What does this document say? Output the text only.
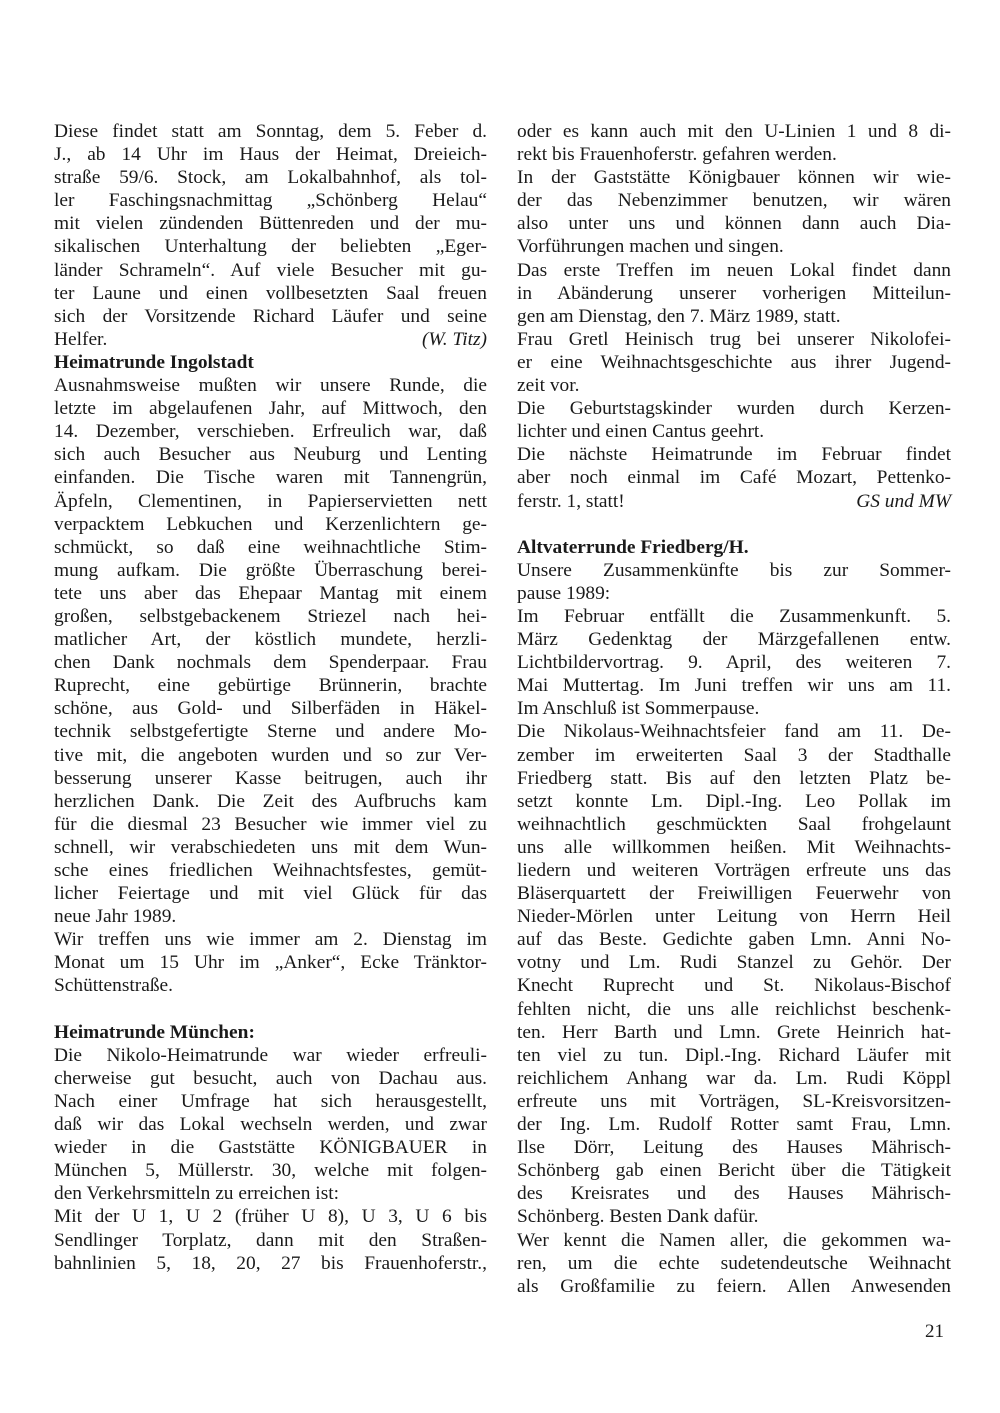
Diese findet statt am Sonntag, dem 5. Feber d.
J., ab 14 Uhr im Haus der Heimat, Dreieich-
straße 59/6. Stock, am Lokalbahnhof, als tol-
ler Faschingsnachmittag „Schönberg Helau“
mit vielen zündenden Büttenreden und der mu-
sikalischen Unterhaltung der beliebten „Eger-
länder Schrameln“. Auf viele Besucher mit gu-
ter Laune und einen vollbesetzten Saal freuen
sich der Vorsitzende Richard Läufer und seine
Helfer.	(W. Titz)
Heimatrunde Ingolstadt
Ausnahmsweise mußten wir unsere Runde, die
letzte im abgelaufenen Jahr, auf Mittwoch, den
14. Dezember, verschieben. Erfreulich war, daß
sich auch Besucher aus Neuburg und Lenting
einfanden. Die Tische waren mit Tannengrün,
Äpfeln, Clementinen, in Papierservietten nett
verpacktem Lebkuchen und Kerzenlichtern ge-
schmückt, so daß eine weihnachtliche Stim-
mung aufkam. Die größte Überraschung berei-
tete uns aber das Ehepaar Mantag mit einem
großen, selbstgebackenem Striezel nach hei-
matlicher Art, der köstlich mundete, herzli-
chen Dank nochmals dem Spenderpaar. Frau
Ruprecht, eine gebürtige Brünnerin, brachte
schöne, aus Gold- und Silberfäden in Häkel-
technik selbstgefertigte Sterne und andere Mo-
tive mit, die angeboten wurden und so zur Ver-
besserung unserer Kasse beitrugen, auch ihr
herzlichen Dank. Die Zeit des Aufbruchs kam
für die diesmal 23 Besucher wie immer viel zu
schnell, wir verabschiedeten uns mit dem Wun-
sche eines friedlichen Weihnachtsfestes, gemüt-
licher Feiertage und mit viel Glück für das
neue Jahr 1989.
Wir treffen uns wie immer am 2. Dienstag im
Monat um 15 Uhr im „Anker“, Ecke Tränktor-
Schüttenstraße.
Heimatrunde München:
Die Nikolo-Heimatrunde war wieder erfreuli-
cherweise gut besucht, auch von Dachau aus.
Nach einer Umfrage hat sich herausgestellt,
daß wir das Lokal wechseln werden, und zwar
wieder in die Gaststätte KÖNIGBAUER in
München 5, Müllerstr. 30, welche mit folgen-
den Verkehrsmitteln zu erreichen ist:
Mit der U 1, U 2 (früher U 8), U 3, U 6 bis
Sendlinger Torplatz, dann mit den Straßen-
bahnlinien 5, 18, 20, 27 bis Frauenhoferstr.,
oder es kann auch mit den U-Linien 1 und 8 di-
rekt bis Frauenhoferstr. gefahren werden.
In der Gaststätte Königbauer können wir wie-
der das Nebenzimmer benutzen, wir wären
also unter uns und können dann auch Dia-
Vorführungen machen und singen.
Das erste Treffen im neuen Lokal findet dann
in Abänderung unserer vorherigen Mitteilun-
gen am Dienstag, den 7. März 1989, statt.
Frau Gretl Heinisch trug bei unserer Nikolofei-
er eine Weihnachtsgeschichte aus ihrer Jugend-
zeit vor.
Die Geburtstagskinder wurden durch Kerzen-
lichter und einen Cantus geehrt.
Die nächste Heimatrunde im Februar findet
aber noch einmal im Café Mozart, Pettenko-
ferstr. 1, statt!	GS und MW
Altvaterrunde Friedberg/H.
Unsere Zusammenkünfte bis zur Sommer-
pause 1989:
Im Februar entfällt die Zusammenkunft. 5.
März Gedenktag der Märzgefallenen entw.
Lichtbildervortrag. 9. April, des weiteren 7.
Mai Muttertag. Im Juni treffen wir uns am 11.
Im Anschluß ist Sommerpause.
Die Nikolaus-Weihnachtsfeier fand am 11. De-
zember im erweiterten Saal 3 der Stadthalle
Friedberg statt. Bis auf den letzten Platz be-
setzt konnte Lm. Dipl.-Ing. Leo Pollak im
weihnachtlich geschmückten Saal frohgelaunt
uns alle willkommen heißen. Mit Weihnachts-
liedern und weiteren Vorträgen erfreute uns das
Bläserquartett der Freiwilligen Feuerwehr von
Nieder-Mörlen unter Leitung von Herrn Heil
auf das Beste. Gedichte gaben Lmn. Anni No-
votny und Lm. Rudi Stanzel zu Gehör. Der
Knecht Ruprecht und St. Nikolaus-Bischof
fehlten nicht, die uns alle reichlichst beschenk-
ten. Herr Barth und Lmn. Grete Heinrich hat-
ten viel zu tun. Dipl.-Ing. Richard Läufer mit
reichlichem Anhang war da. Lm. Rudi Köppl
erfreute uns mit Vorträgen, SL-Kreisvorsitzen-
der Ing. Lm. Rudolf Rotter samt Frau, Lmn.
Ilse Dörr, Leitung des Hauses Mährisch-
Schönberg gab einen Bericht über die Tätigkeit
des Kreisrates und des Hauses Mährisch-
Schönberg. Besten Dank dafür.
Wer kennt die Namen aller, die gekommen wa-
ren, um die echte sudetendeutsche Weihnacht
als Großfamilie zu feiern. Allen Anwesenden
21
